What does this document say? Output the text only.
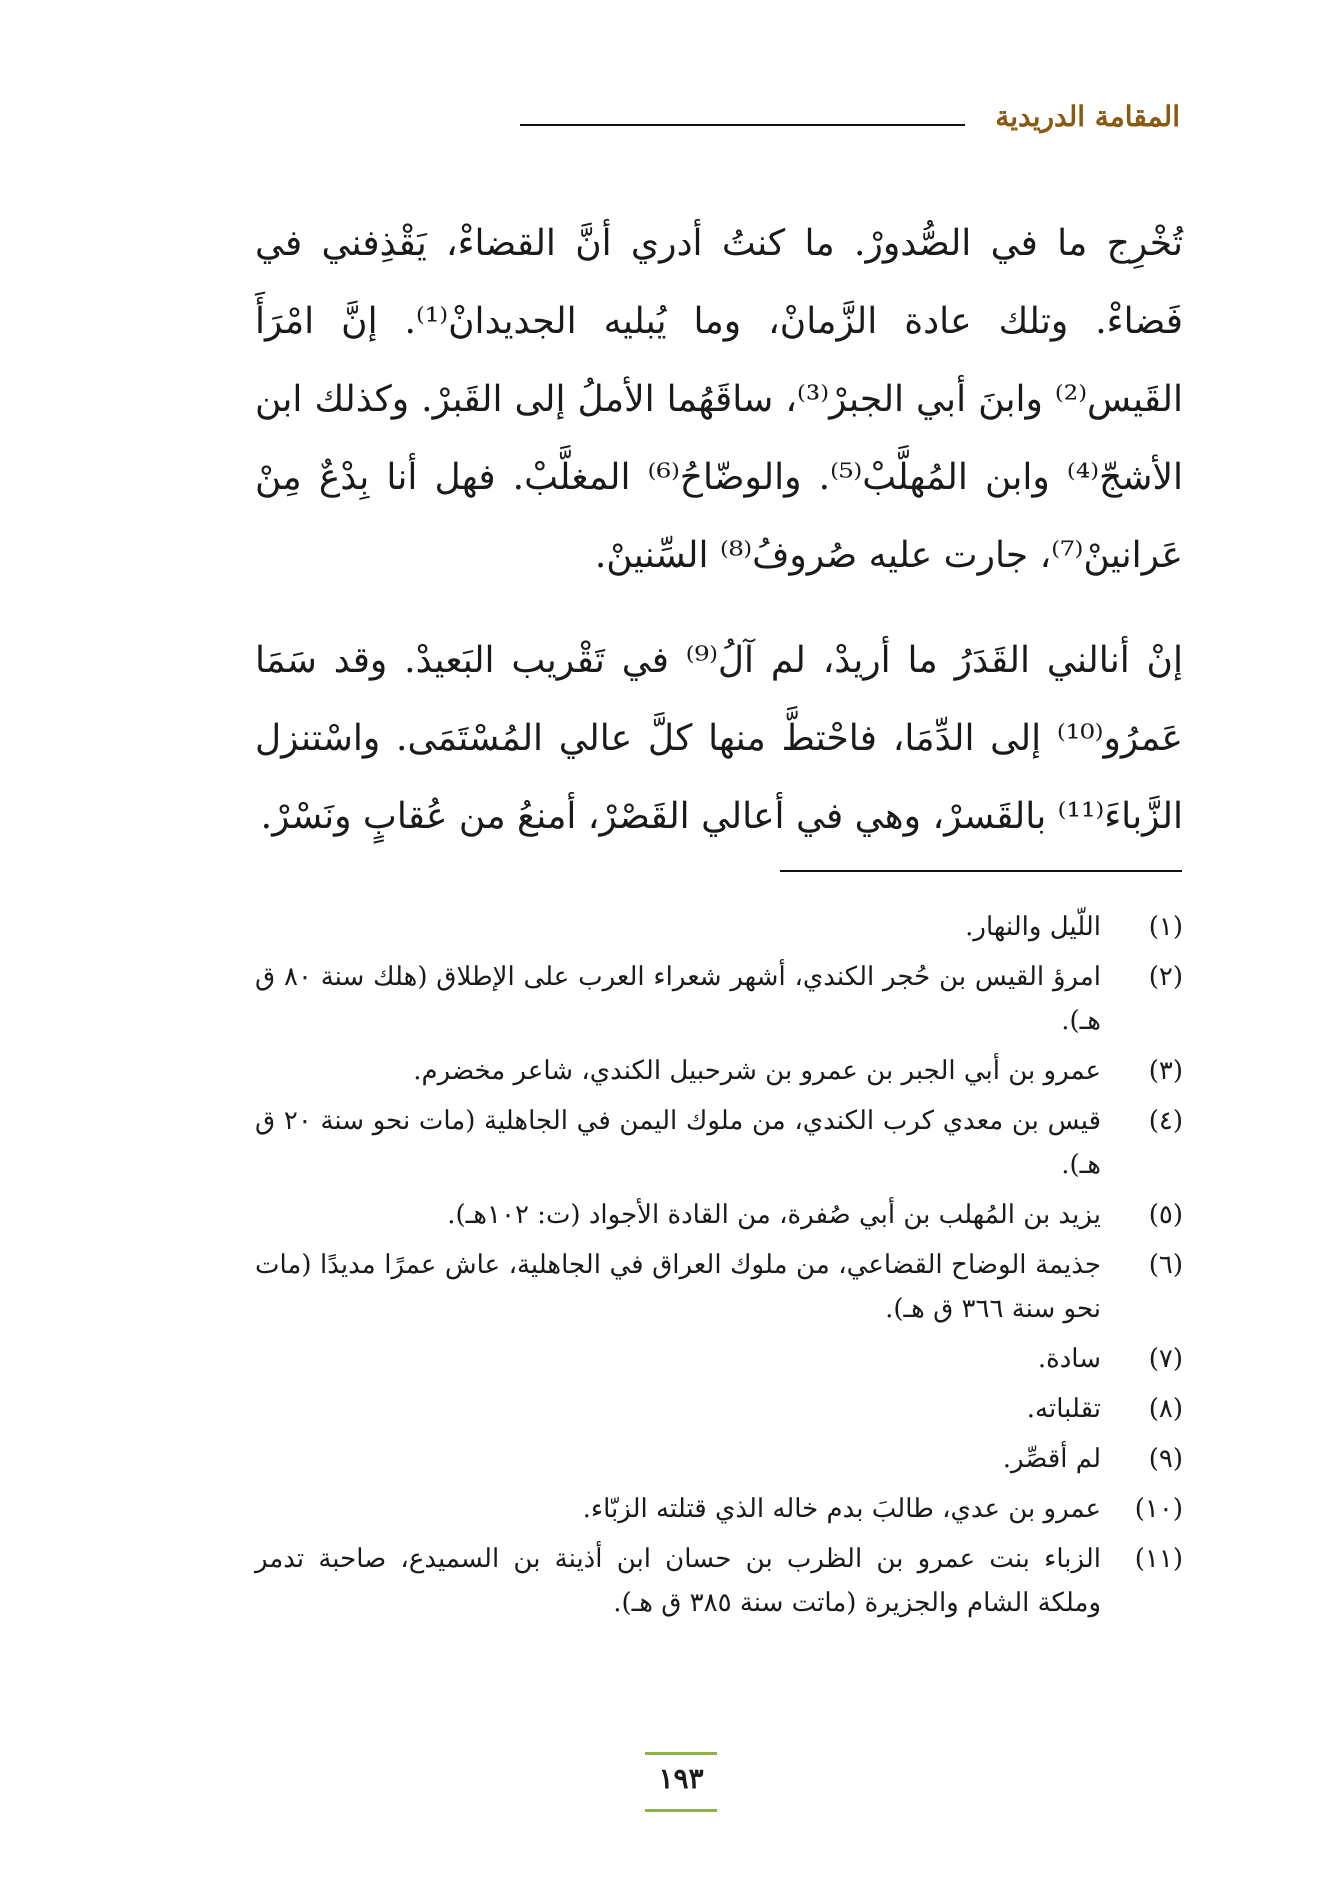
المقامة الدريدية

تُخْرِج ما في الصُّدورْ. ما كنتُ أدري أنَّ القضاءْ، يَقْذِفني في فَضاءْ. وتلك عادة الزَّمانْ، وما يُبليه الجديدانْ⁽¹⁾. إنَّ امْرَأَ القَيس⁽²⁾ وابنَ أبي الجبرْ⁽³⁾، ساقَهُما الأملُ إلى القَبرْ. وكذلك ابن الأشجّ⁽⁴⁾ وابن المُهلَّبْ⁽⁵⁾. والوضّاحُ⁽⁶⁾ المغلَّبْ. فهل أنا بِدْعٌ مِنْ عَرانينْ⁽⁷⁾، جارت عليه صُروفُ⁽⁸⁾ السِّنينْ.

إنْ أنالني القَدَرُ ما أريدْ، لم آلُ⁽⁹⁾ في تَقْريب البَعيدْ. وقد سَمَا عَمرُو⁽¹⁰⁾ إلى الدِّمَا، فاحْتطَّ منها كلَّ عالي المُسْتَمَى. واسْتنزل الزَّباءَ⁽¹¹⁾ بالقَسرْ، وهي في أعالي القَصْرْ، أمنعُ من عُقابٍ ونَسْرْ.

(١)
اللّيل والنهار.
(٢)
امرؤ القيس بن حُجر الكندي، أشهر شعراء العرب على الإطلاق (هلك سنة ٨٠ ق هـ).
(٣)
عمرو بن أبي الجبر بن عمرو بن شرحبيل الكندي، شاعر مخضرم.
(٤)
قيس بن معدي كرب الكندي، من ملوك اليمن في الجاهلية (مات نحو سنة ٢٠ ق هـ).
(٥)
يزيد بن المُهلب بن أبي صُفرة، من القادة الأجواد (ت: ١٠٢هـ).
(٦)
جذيمة الوضاح القضاعي، من ملوك العراق في الجاهلية، عاش عمرًا مديدًا (مات نحو سنة ٣٦٦ ق هـ).
(٧)
سادة.
(٨)
تقلباته.
(٩)
لم أقصِّر.
(١٠)
عمرو بن عدي، طالبَ بدم خاله الذي قتلته الزبّاء.
(١١)
الزباء بنت عمرو بن الظرب بن حسان ابن أذينة بن السميدع، صاحبة تدمر وملكة الشام والجزيرة (ماتت سنة ٣٨٥ ق هـ).
١٩٣
